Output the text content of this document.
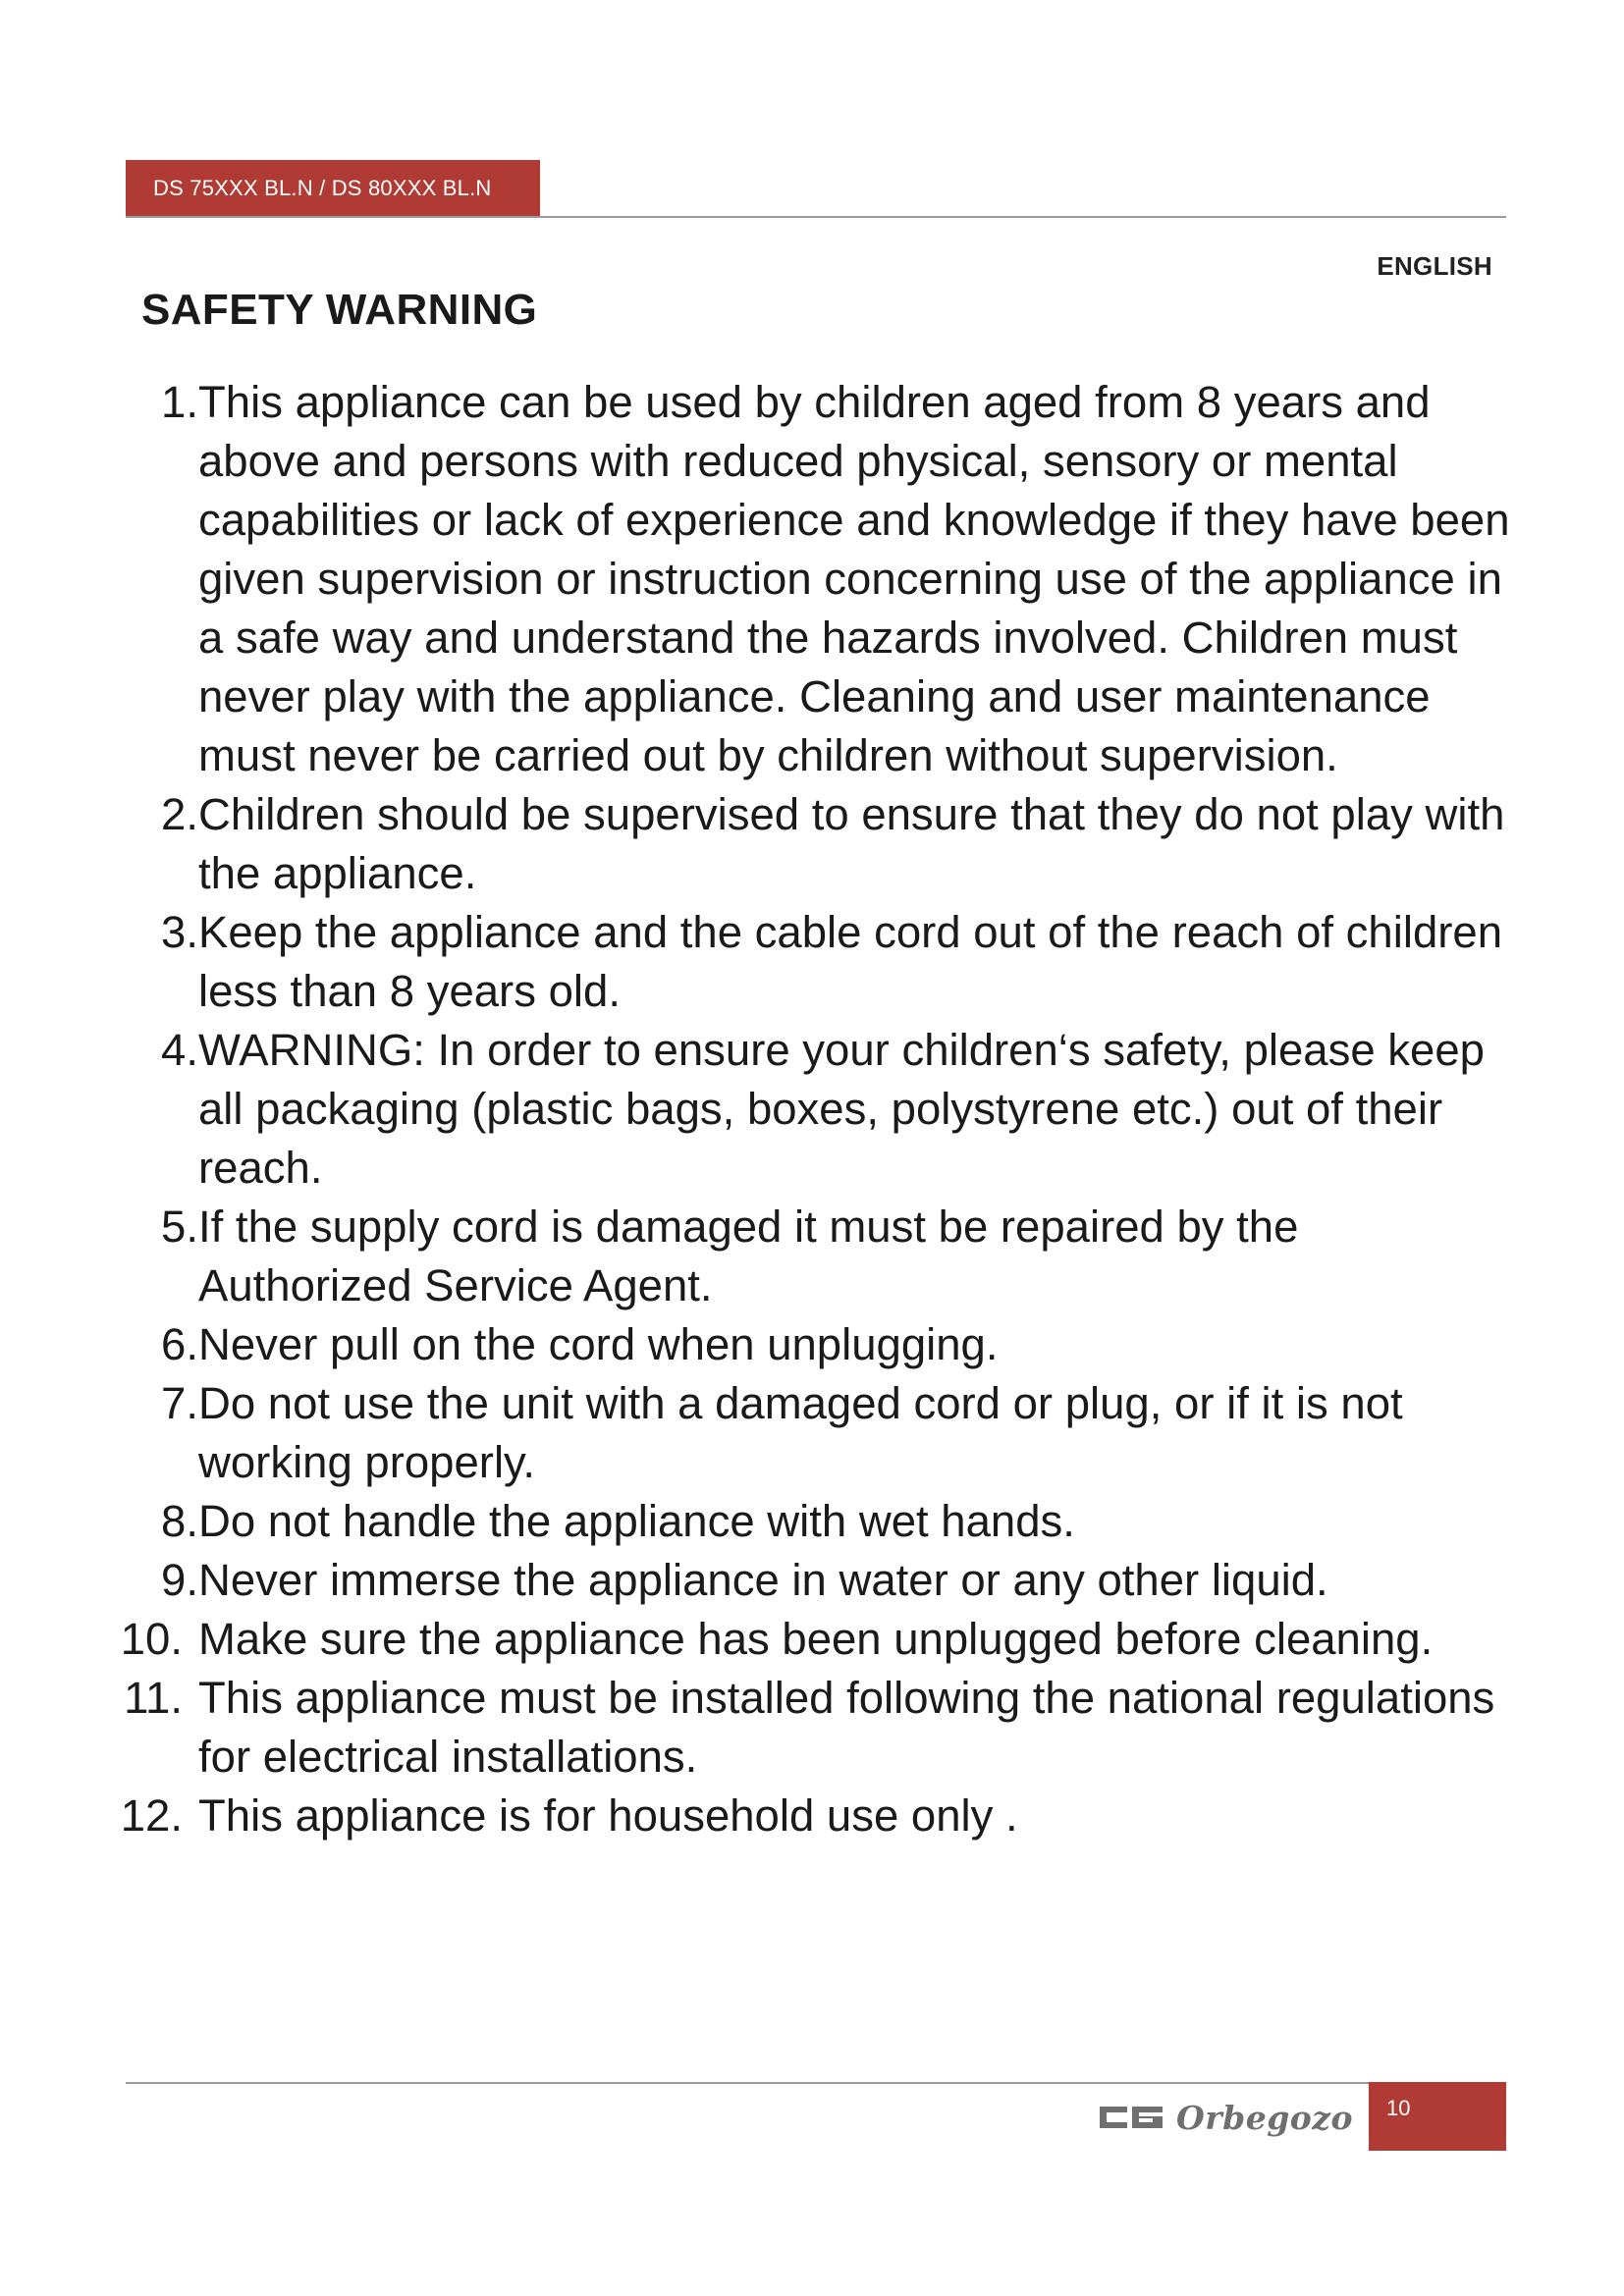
DS 75XXX BL.N / DS 80XXX BL.N
ENGLISH
SAFETY WARNING
1. This appliance can be used by children aged from 8 years and above and persons with reduced physical, sensory or mental capabilities or lack of experience and knowledge if they have been given supervision or instruction concerning use of the appliance in a safe way and understand the hazards involved. Children must never play with the appliance. Cleaning and user maintenance must never be carried out by children without supervision.
2. Children should be supervised to ensure that they do not play with the appliance.
3. Keep the appliance and the cable cord out of the reach of children less than 8 years old.
4. WARNING: In order to ensure your children‘s safety, please keep all packaging (plastic bags, boxes, polystyrene etc.) out of their reach.
5. If the supply cord is damaged it must be repaired by the Authorized Service Agent.
6. Never pull on the cord when unplugging.
7. Do not use the unit with a damaged cord or plug, or if it is not working properly.
8. Do not handle the appliance with wet hands.
9. Never immerse the appliance in water or any other liquid.
10. Make sure the appliance has been unplugged before cleaning.
11. This appliance must be installed following the national regulations for electrical installations.
12. This appliance is for household use only .
Orbegozo	10
